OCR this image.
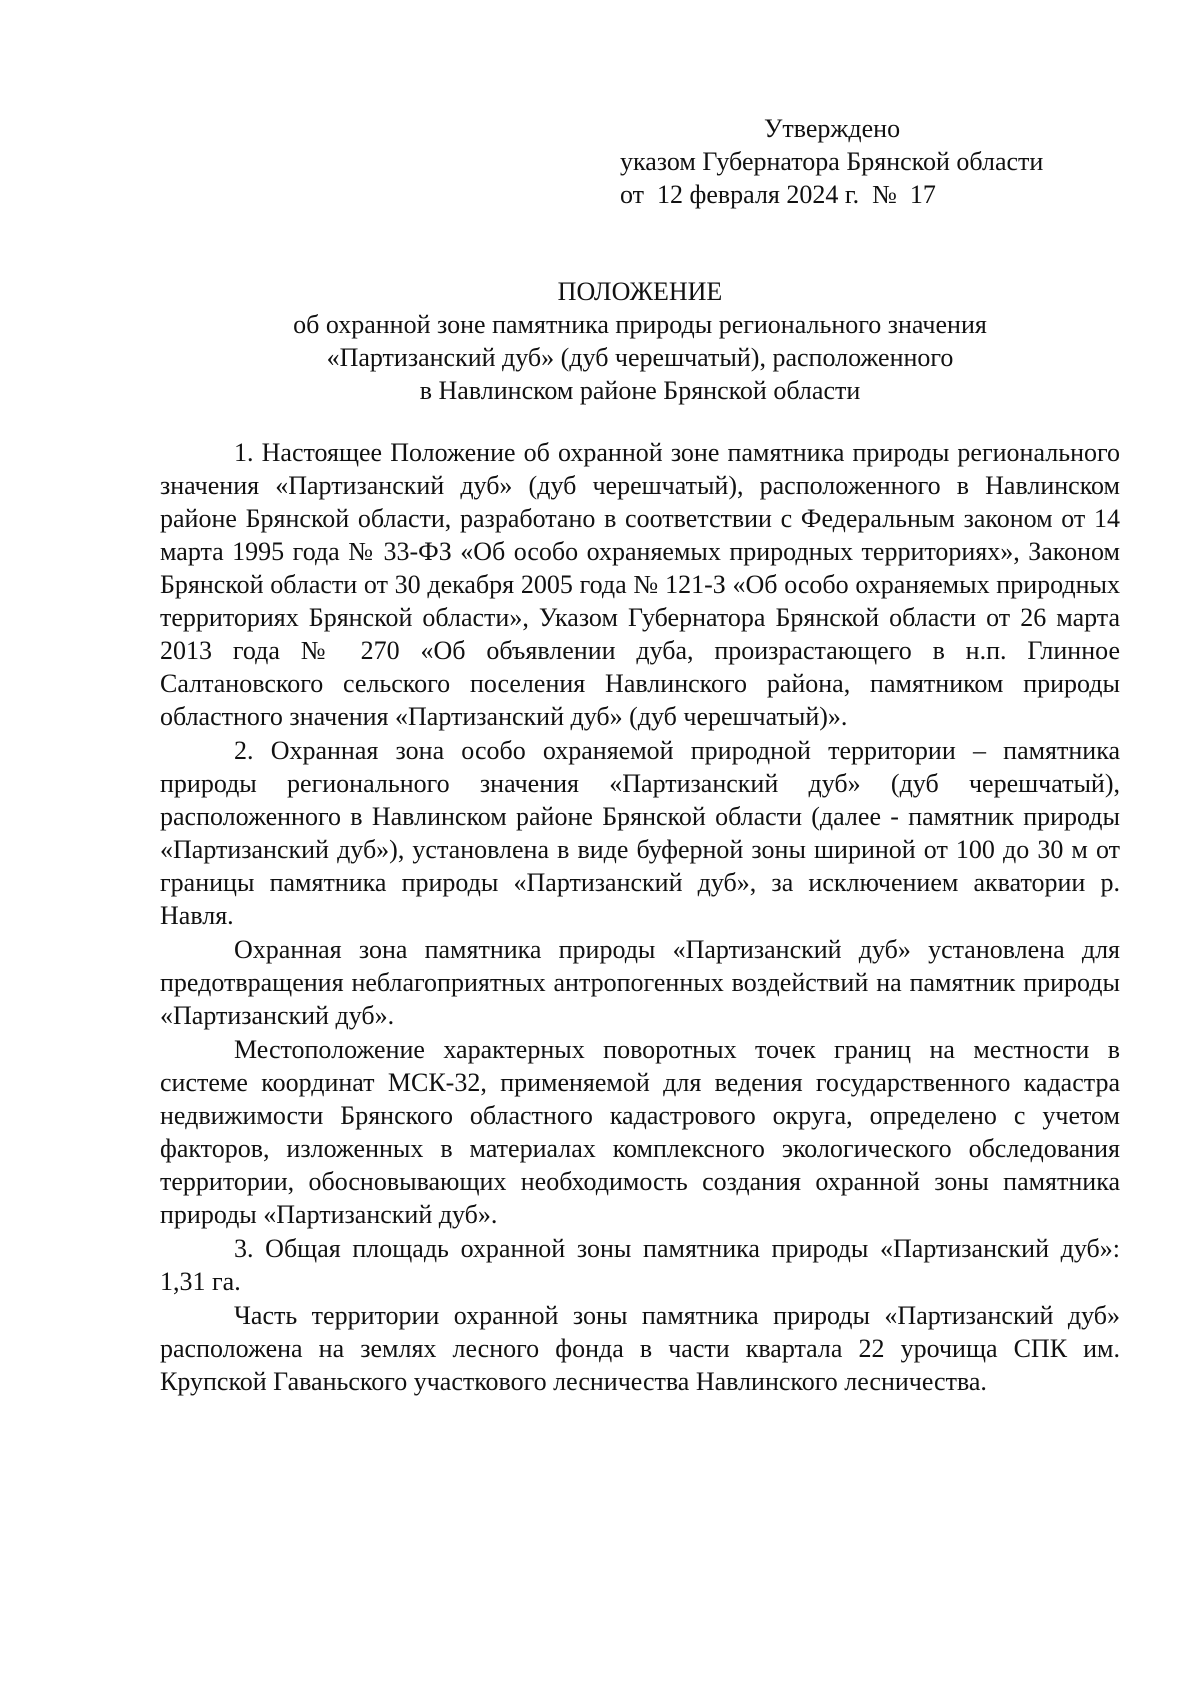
Утверждено
указом Губернатора Брянской области
от  12 февраля 2024 г.  №  17
ПОЛОЖЕНИЕ
об охранной зоне памятника природы регионального значения
«Партизанский дуб» (дуб черешчатый), расположенного
в Навлинском районе Брянской области

1. Настоящее Положение об охранной зоне памятника природы регионального значения «Партизанский дуб» (дуб черешчатый), расположенного в Навлинском районе Брянской области, разработано в соответствии с Федеральным законом от 14 марта 1995 года № 33-ФЗ «Об особо охраняемых природных территориях», Законом Брянской области от 30 декабря 2005 года № 121-З «Об особо охраняемых природных территориях Брянской области», Указом Губернатора Брянской области от 26 марта 2013 года № 270 «Об объявлении дуба, произрастающего в н.п. Глинное Салтановского сельского поселения Навлинского района, памятником природы областного значения «Партизанский дуб» (дуб черешчатый)».

2. Охранная зона особо охраняемой природной территории – памятника природы регионального значения «Партизанский дуб» (дуб черешчатый), расположенного в Навлинском районе Брянской области (далее - памятник природы «Партизанский дуб»), установлена в виде буферной зоны шириной от 100 до 30 м от границы памятника природы «Партизанский дуб», за исключением акватории р. Навля.

Охранная зона памятника природы «Партизанский дуб» установлена для предотвращения неблагоприятных антропогенных воздействий на памятник природы «Партизанский дуб».

Местоположение характерных поворотных точек границ на местности в системе координат МСК-32, применяемой для ведения государственного кадастра недвижимости Брянского областного кадастрового округа, определено с учетом факторов, изложенных в материалах комплексного экологического обследования территории, обосновывающих необходимость создания охранной зоны памятника природы «Партизанский дуб».

3. Общая площадь охранной зоны памятника природы «Партизанский дуб»: 1,31 га.

Часть территории охранной зоны памятника природы «Партизанский дуб» расположена на землях лесного фонда в части квартала 22 урочища СПК им. Крупской Гаваньского участкового лесничества Навлинского лесничества.
